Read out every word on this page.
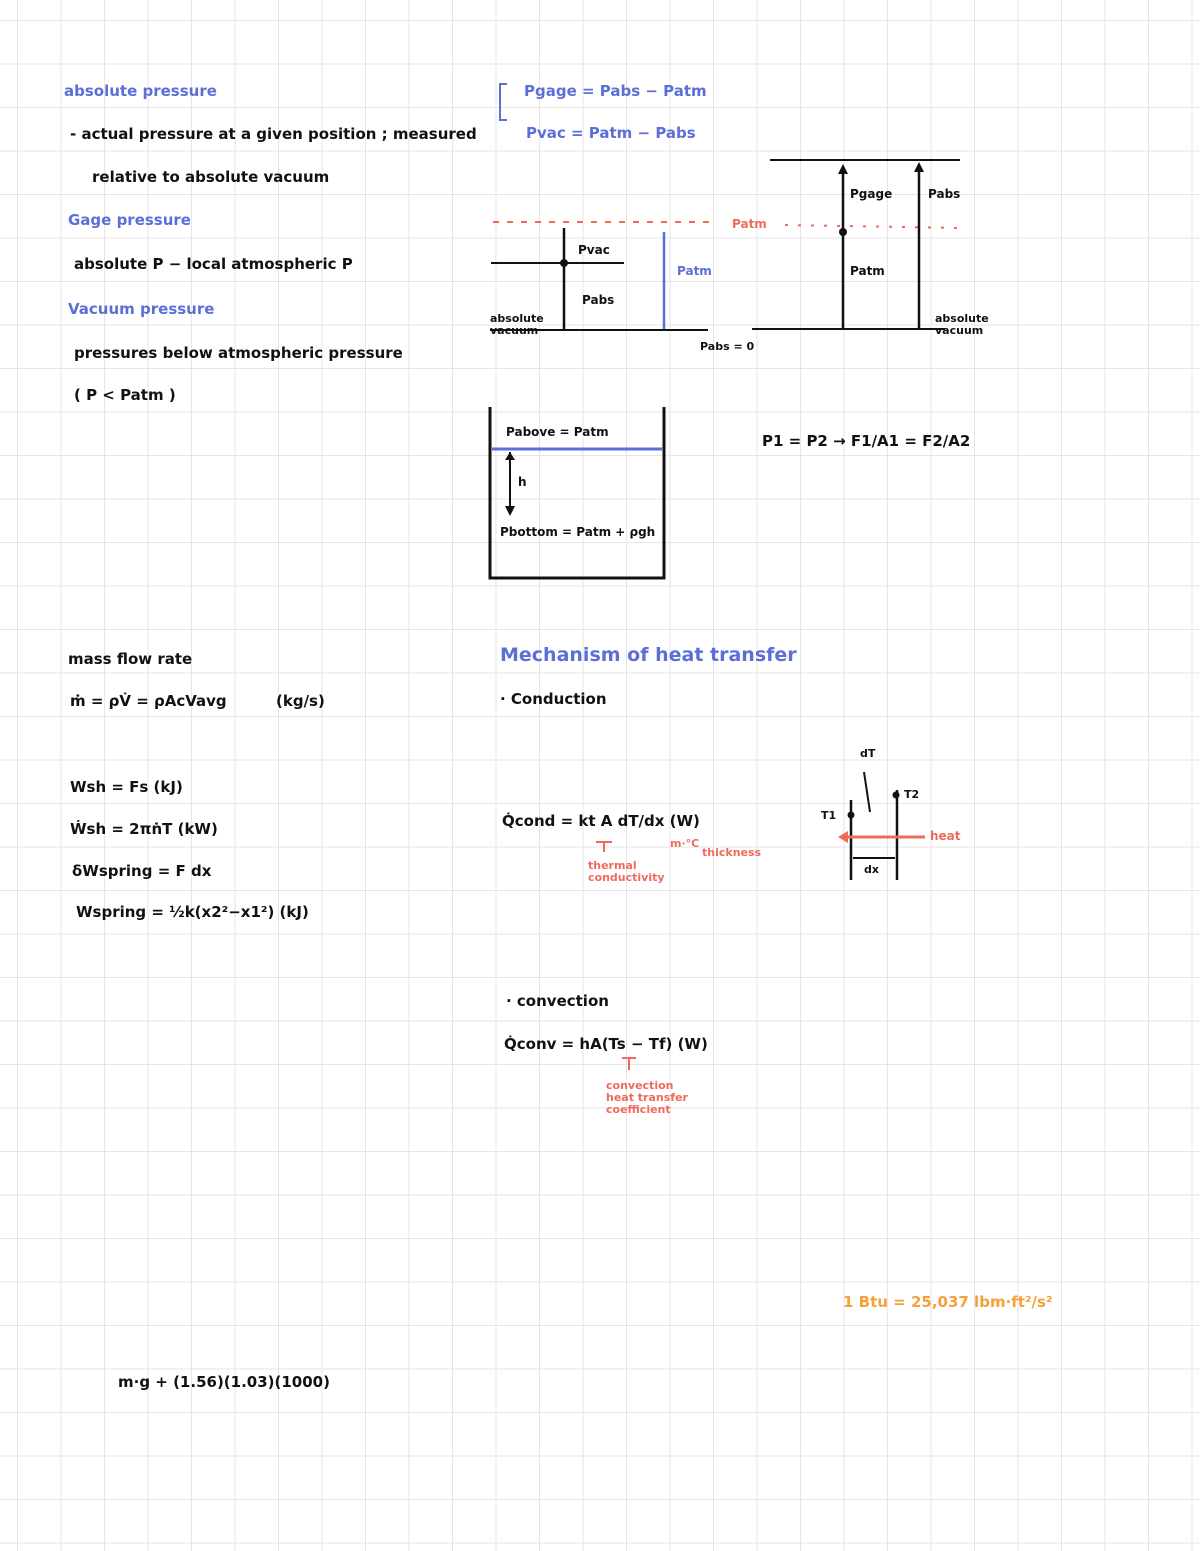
absolute pressure
- actual pressure at a given position ; measured
relative to absolute vacuum
Gage pressure
absolute P − local atmospheric P
Vacuum pressure
pressures below atmospheric pressure
( P < Patm )
mass flow rate
ṁ = ρV̇ = ρAcVavg	(kg/s)
Wsh = Fs (kJ)
Ẇsh = 2πṅT (kW)
δWspring = F dx
Wspring = ½k(x2²−x1²) (kJ)
m·g + (1.56)(1.03)(1000)
Pgage = Pabs − Patm
Pvac = Patm − Pabs
Patm
Pvac
Pabs
Patm
absolute vacuum
Pabs = 0
Pgage	Pabs
Patm
absolute vacuum
Pabove = Patm
h
Pbottom = Patm + ρgh
P1 = P2 → F1/A1 = F2/A2
Mechanism of heat transfer
· Conduction
Q̇cond = kt A dT/dx (W)
thermal conductivity
m·°C
thickness
dT
T1
T2
heat
dx
· convection
Q̇conv = hA(Ts − Tf) (W)
convection heat transfer coefficient
1 Btu = 25,037 lbm·ft²/s²
